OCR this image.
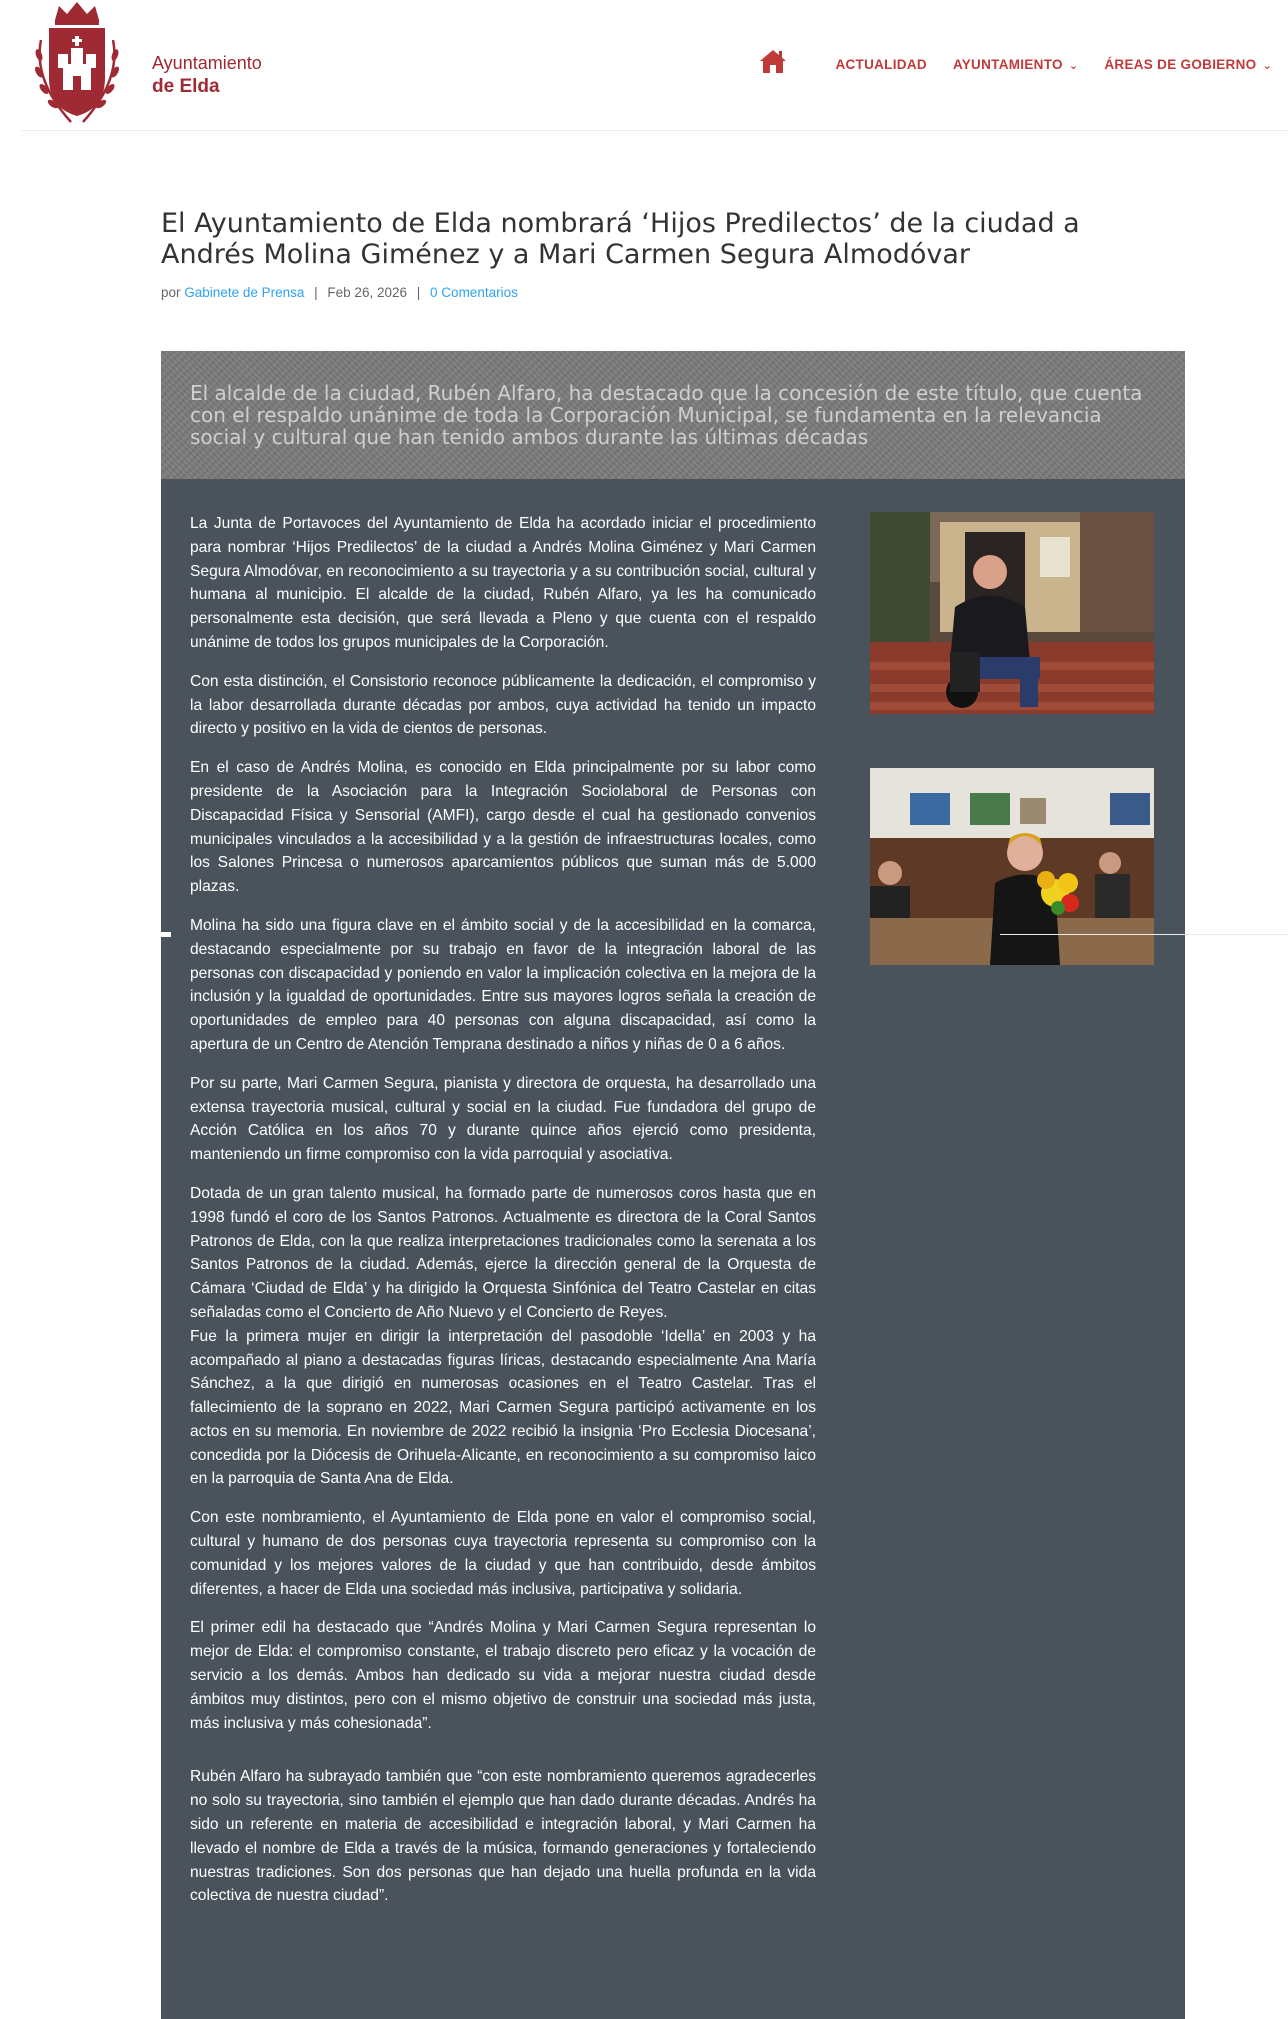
Ayuntamiento
de Elda
ACTUALIDAD AYUNTAMIENTO ⌄ ÁREAS DE GOBIERNO ⌄
El Ayuntamiento de Elda nombrará ‘Hijos Predilectos’ de la ciudad a Andrés Molina Giménez y a Mari Carmen Segura Almodóvar
por Gabinete de Prensa | Feb 26, 2026 | 0 Comentarios

El alcalde de la ciudad, Rubén Alfaro, ha destacado que la concesión de este título, que cuenta con el respaldo unánime de toda la Corporación Municipal, se fundamenta en la relevancia social y cultural que han tenido ambos durante las últimas décadas

La Junta de Portavoces del Ayuntamiento de Elda ha acordado iniciar el procedimiento para nombrar ‘Hijos Predilectos’ de la ciudad a Andrés Molina Giménez y Mari Carmen Segura Almodóvar, en reconocimiento a su trayectoria y a su contribución social, cultural y humana al municipio. El alcalde de la ciudad, Rubén Alfaro, ya les ha comunicado personalmente esta decisión, que será llevada a Pleno y que cuenta con el respaldo unánime de todos los grupos municipales de la Corporación.

Con esta distinción, el Consistorio reconoce públicamente la dedicación, el compromiso y la labor desarrollada durante décadas por ambos, cuya actividad ha tenido un impacto directo y positivo en la vida de cientos de personas.

En el caso de Andrés Molina, es conocido en Elda principalmente por su labor como presidente de la Asociación para la Integración Sociolaboral de Personas con Discapacidad Física y Sensorial (AMFI), cargo desde el cual ha gestionado convenios municipales vinculados a la accesibilidad y a la gestión de infraestructuras locales, como los Salones Princesa o numerosos aparcamientos públicos que suman más de 5.000 plazas.

Molina ha sido una figura clave en el ámbito social y de la accesibilidad en la comarca, destacando especialmente por su trabajo en favor de la integración laboral de las personas con discapacidad y poniendo en valor la implicación colectiva en la mejora de la inclusión y la igualdad de oportunidades. Entre sus mayores logros señala la creación de oportunidades de empleo para 40 personas con alguna discapacidad, así como la apertura de un Centro de Atención Temprana destinado a niños y niñas de 0 a 6 años.

Por su parte, Mari Carmen Segura, pianista y directora de orquesta, ha desarrollado una extensa trayectoria musical, cultural y social en la ciudad. Fue fundadora del grupo de Acción Católica en los años 70 y durante quince años ejerció como presidenta, manteniendo un firme compromiso con la vida parroquial y asociativa.

Dotada de un gran talento musical, ha formado parte de numerosos coros hasta que en 1998 fundó el coro de los Santos Patronos. Actualmente es directora de la Coral Santos Patronos de Elda, con la que realiza interpretaciones tradicionales como la serenata a los Santos Patronos de la ciudad. Además, ejerce la dirección general de la Orquesta de Cámara ‘Ciudad de Elda’ y ha dirigido la Orquesta Sinfónica del Teatro Castelar en citas señaladas como el Concierto de Año Nuevo y el Concierto de Reyes.

Fue la primera mujer en dirigir la interpretación del pasodoble ‘Idella’ en 2003 y ha acompañado al piano a destacadas figuras líricas, destacando especialmente Ana María Sánchez, a la que dirigió en numerosas ocasiones en el Teatro Castelar. Tras el fallecimiento de la soprano en 2022, Mari Carmen Segura participó activamente en los actos en su memoria. En noviembre de 2022 recibió la insignia ‘Pro Ecclesia Diocesana’, concedida por la Diócesis de Orihuela-Alicante, en reconocimiento a su compromiso laico en la parroquia de Santa Ana de Elda.

Con este nombramiento, el Ayuntamiento de Elda pone en valor el compromiso social, cultural y humano de dos personas cuya trayectoria representa su compromiso con la comunidad y los mejores valores de la ciudad y que han contribuido, desde ámbitos diferentes, a hacer de Elda una sociedad más inclusiva, participativa y solidaria.

El primer edil ha destacado que “Andrés Molina y Mari Carmen Segura representan lo mejor de Elda: el compromiso constante, el trabajo discreto pero eficaz y la vocación de servicio a los demás. Ambos han dedicado su vida a mejorar nuestra ciudad desde ámbitos muy distintos, pero con el mismo objetivo de construir una sociedad más justa, más inclusiva y más cohesionada”.

Rubén Alfaro ha subrayado también que “con este nombramiento queremos agradecerles no solo su trayectoria, sino también el ejemplo que han dado durante décadas. Andrés ha sido un referente en materia de accesibilidad e integración laboral, y Mari Carmen ha llevado el nombre de Elda a través de la música, formando generaciones y fortaleciendo nuestras tradiciones. Son dos personas que han dejado una huella profunda en la vida colectiva de nuestra ciudad”.
